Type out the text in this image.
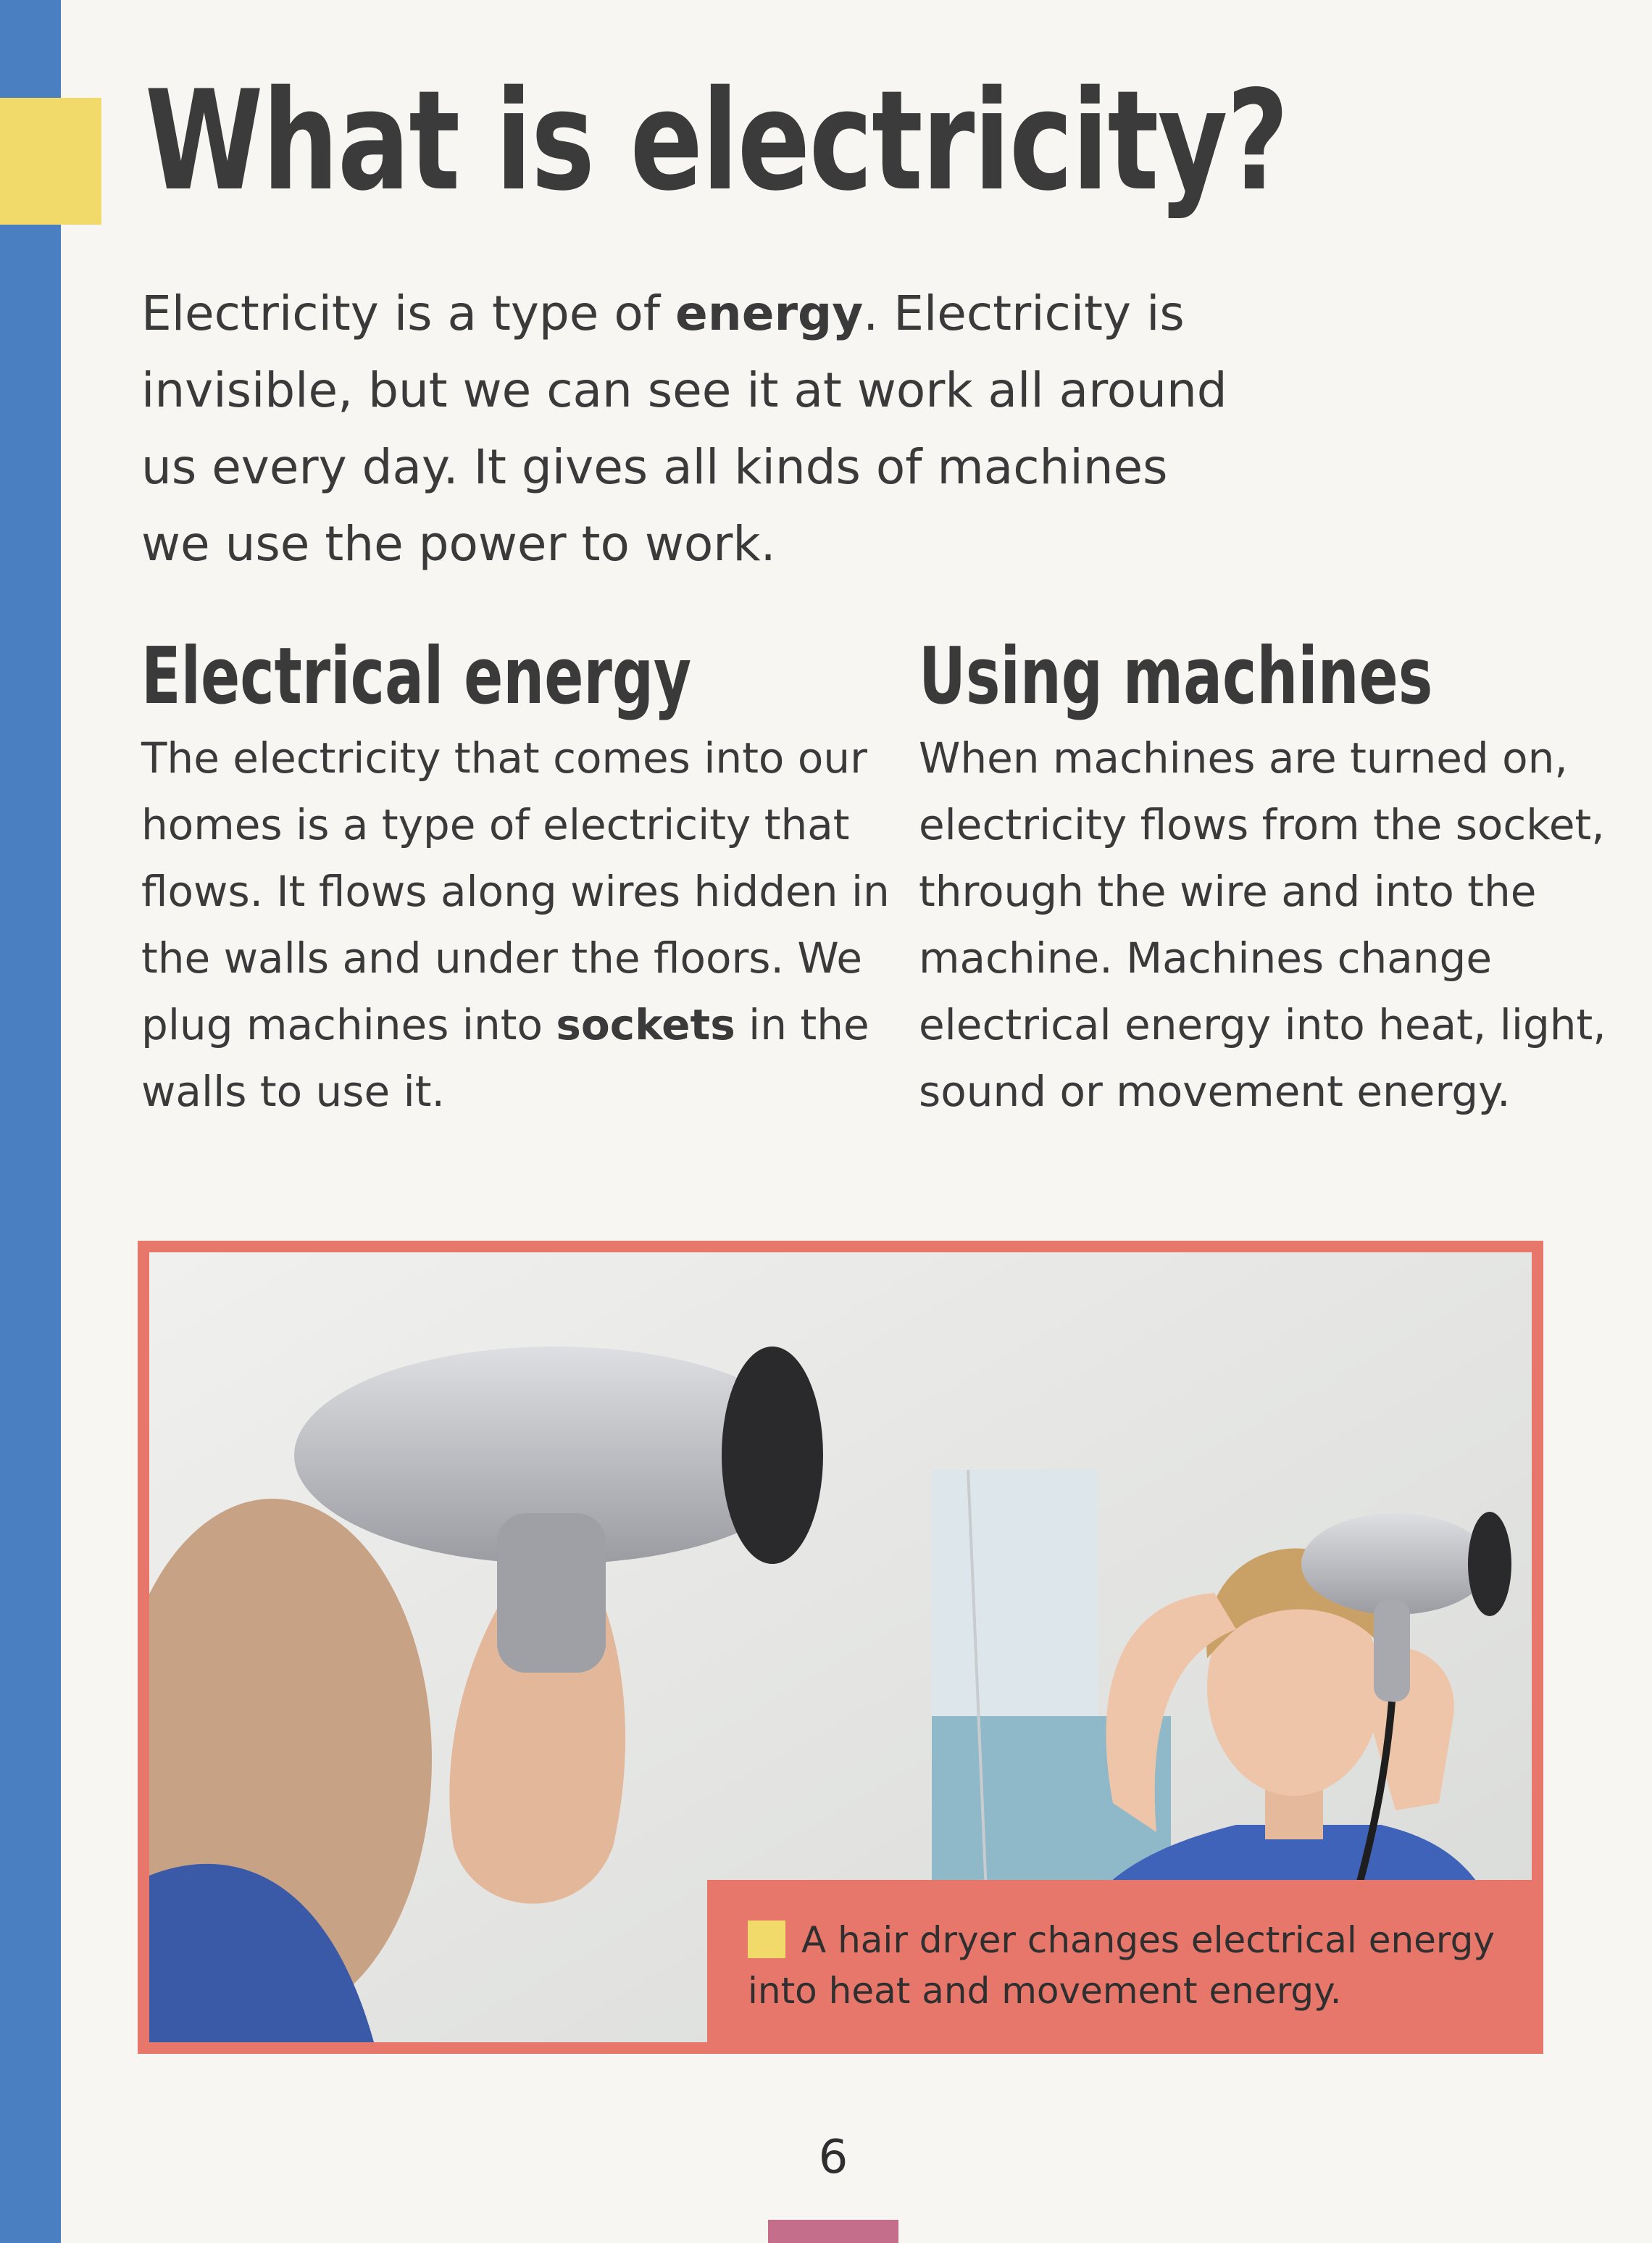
What is electricity?

Electricity is a type of energy. Electricity is invisible, but we can see it at work all around us every day. It gives all kinds of machines we use the power to work.

Electrical energy

The electricity that comes into our homes is a type of electricity that flows. It flows along wires hidden in the walls and under the floors. We plug machines into sockets in the walls to use it.

Using machines

When machines are turned on, electricity flows from the socket, through the wire and into the machine. Machines change electrical energy into heat, light, sound or movement energy.

A hair dryer changes electrical energy into heat and movement energy.
6
